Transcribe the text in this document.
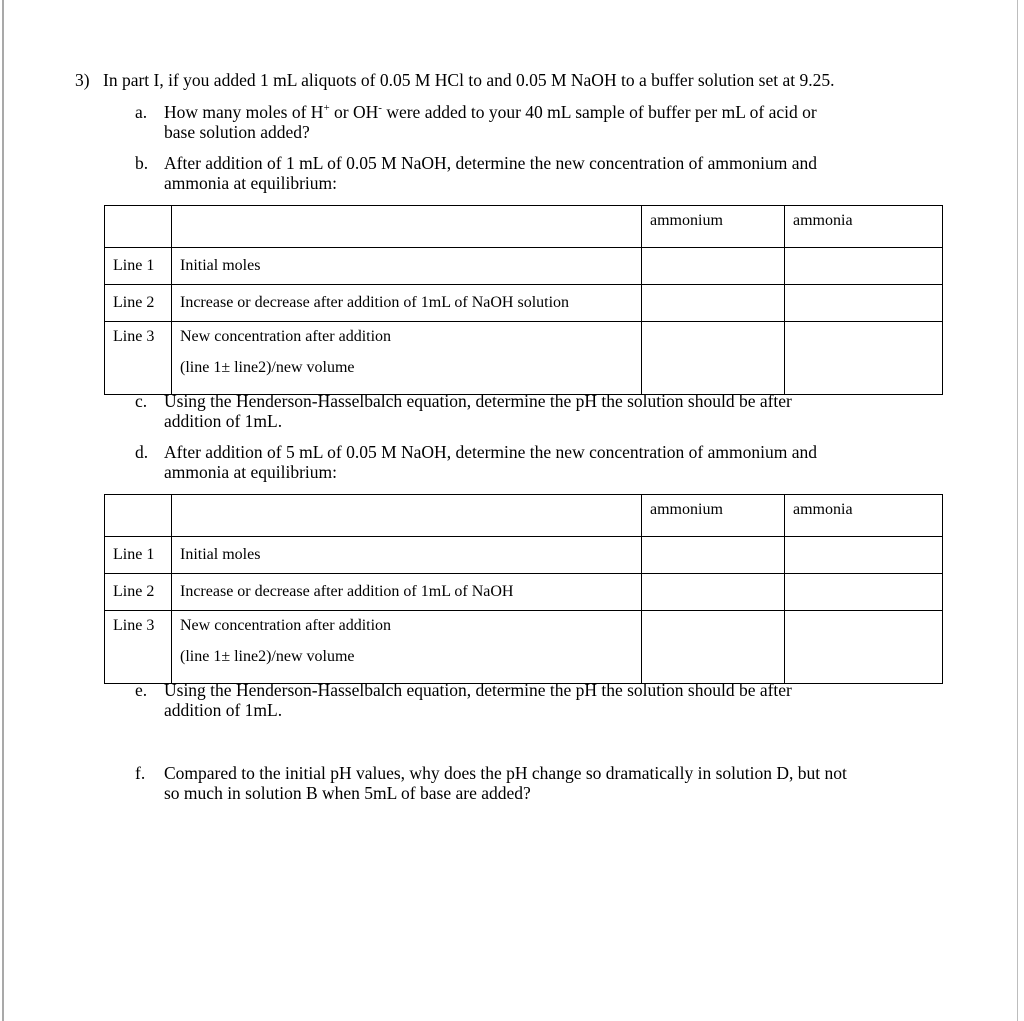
3) In part I, if you added 1 mL aliquots of 0.05 M HCl to and 0.05 M NaOH to a buffer solution set at 9.25.
a. How many moles of H+ or OH- were added to your 40 mL sample of buffer per mL of acid or
base solution added?
b. After addition of 1 mL of 0.05 M NaOH, determine the new concentration of ammonium and
ammonia at equilibrium:
		ammonium	ammonia
Line 1	Initial moles		
Line 2	Increase or decrease after addition of 1mL of NaOH solution		
Line 3	New concentration after addition
(line 1± line2)/new volume		

c. Using the Henderson-Hasselbalch equation, determine the pH the solution should be after
addition of 1mL.
d. After addition of 5 mL of 0.05 M NaOH, determine the new concentration of ammonium and
ammonia at equilibrium:
		ammonium	ammonia
Line 1	Initial moles		
Line 2	Increase or decrease after addition of 1mL of NaOH		
Line 3	New concentration after addition
(line 1± line2)/new volume		

e. Using the Henderson-Hasselbalch equation, determine the pH the solution should be after
addition of 1mL.
f. Compared to the initial pH values, why does the pH change so dramatically in solution D, but not
so much in solution B when 5mL of base are added?
